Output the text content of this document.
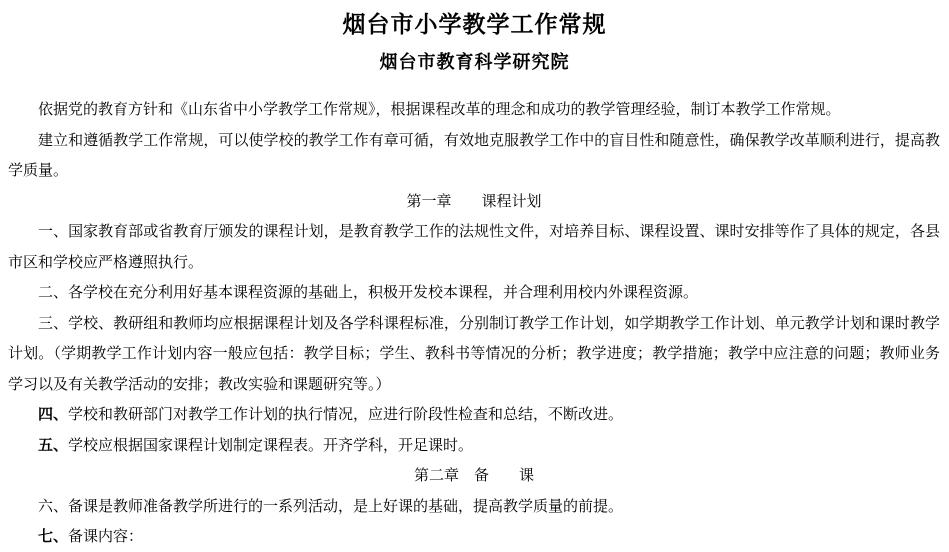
烟台市小学教学工作常规
烟台市教育科学研究院

依据党的教育方针和《山东省中小学教学工作常规》，根据课程改革的理念和成功的教学管理经验，制订本教学工作常规。

建立和遵循教学工作常规，可以使学校的教学工作有章可循，有效地克服教学工作中的盲目性和随意性，确保教学改革顺利进行，提高教学质量。

第一章　　课程计划

一、国家教育部或省教育厅颁发的课程计划，是教育教学工作的法规性文件，对培养目标、课程设置、课时安排等作了具体的规定，各县市区和学校应严格遵照执行。

二、各学校在充分利用好基本课程资源的基础上，积极开发校本课程，并合理利用校内外课程资源。

三、学校、教研组和教师均应根据课程计划及各学科课程标准，分别制订教学工作计划，如学期教学工作计划、单元教学计划和课时教学计划。（学期教学工作计划内容一般应包括：教学目标；学生、教科书等情况的分析；教学进度；教学措施；教学中应注意的问题；教师业务学习以及有关教学活动的安排；教改实验和课题研究等。）

四、学校和教研部门对教学工作计划的执行情况，应进行阶段性检查和总结，不断改进。

五、学校应根据国家课程计划制定课程表。开齐学科，开足课时。

第二章　备　　课

六、备课是教师准备教学所进行的一系列活动，是上好课的基础，提高教学质量的前提。

七、备课内容：
